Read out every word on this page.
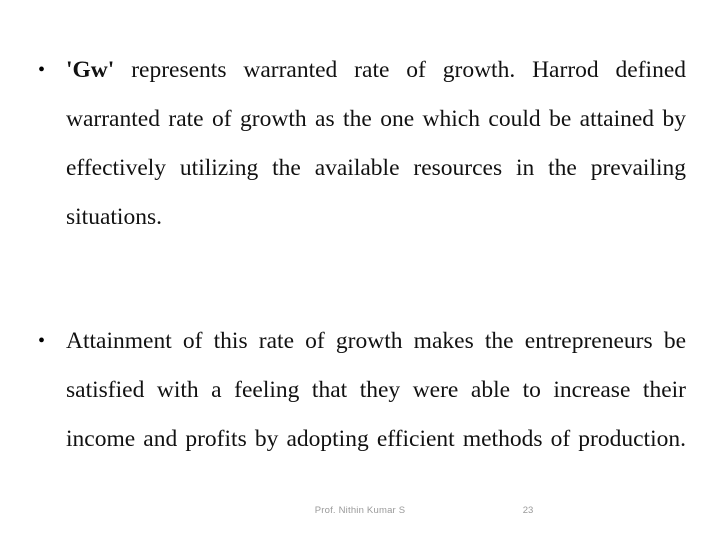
• 'Gw' represents warranted rate of growth. Harrod defined warranted rate of growth as the one which could be attained by effectively utilizing the available resources in the prevailing situations.
• Attainment of this rate of growth makes the entrepreneurs be satisfied with a feeling that they were able to increase their income and profits by adopting efficient methods of production.
Prof. Nithin Kumar S	23
